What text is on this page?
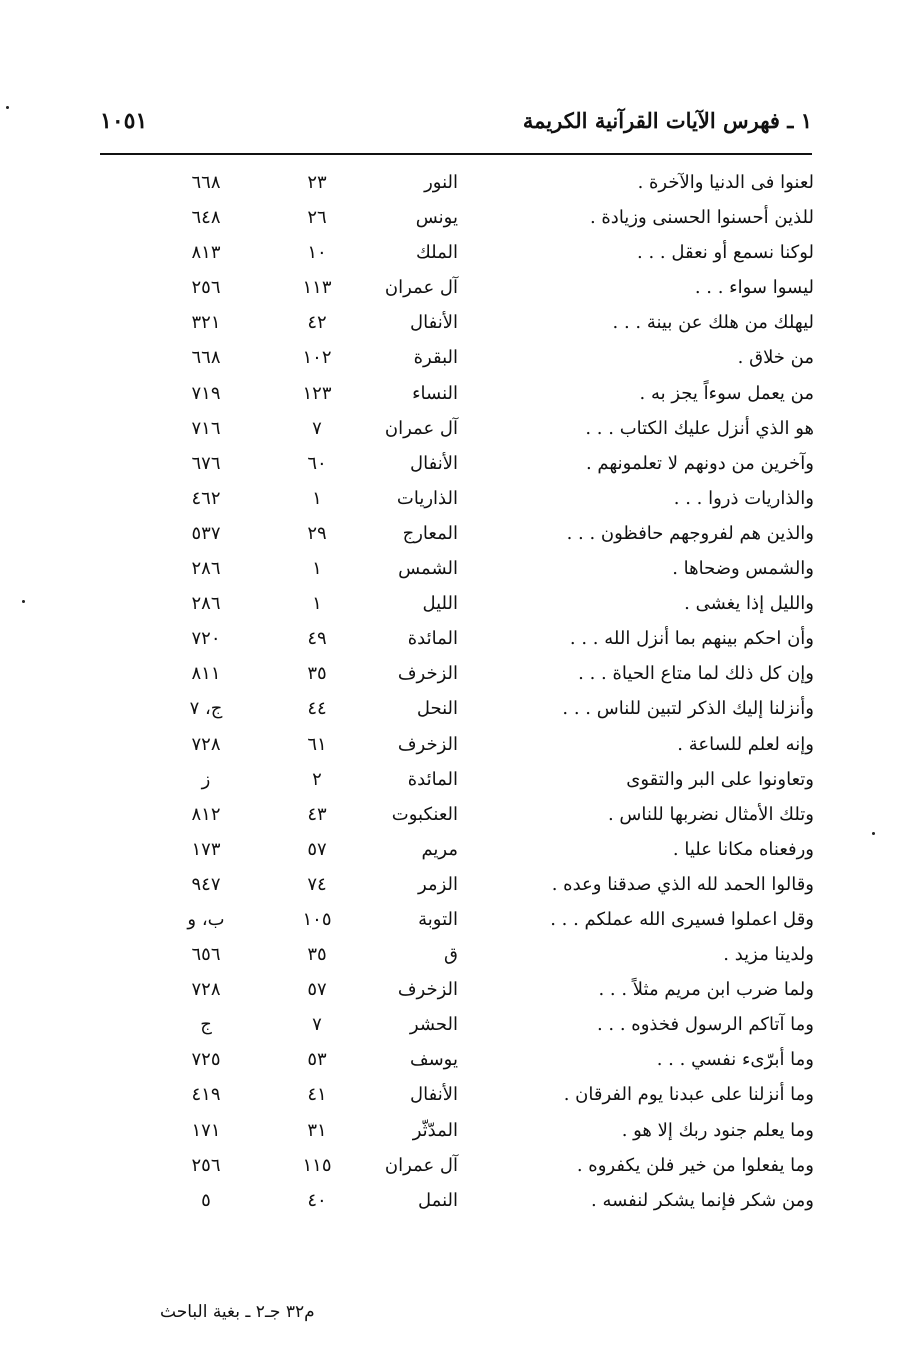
١ ـ فهرس الآيات القرآنية الكريمة
١٠٥١
لعنوا فى الدنيا والآخرة .
النور
٢٣
٦٦٨
للذين أحسنوا الحسنى وزيادة .
يونس
٢٦
٦٤٨
لوكنا نسمع أو نعقل . . .
الملك
١٠
٨١٣
ليسوا سواء . . .
آل عمران
١١٣
٢٥٦
ليهلك من هلك عن بينة . . .
الأنفال
٤٢
٣٢١
من خلاق .
البقرة
١٠٢
٦٦٨
من يعمل سوءاً يجز به .
النساء
١٢٣
٧١٩
هو الذي أنزل عليك الكتاب . . .
آل عمران
٧
٧١٦
وآخرين من دونهم لا تعلمونهم .
الأنفال
٦٠
٦٧٦
والذاريات ذروا . . .
الذاريات
١
٤٦٢
والذين هم لفروجهم حافظون . . .
المعارج
٢٩
٥٣٧
والشمس وضحاها .
الشمس
١
٢٨٦
والليل إذا يغشى .
الليل
١
٢٨٦
وأن احكم بينهم بما أنزل الله . . .
المائدة
٤٩
٧٢٠
وإن كل ذلك لما متاع الحياة . . .
الزخرف
٣٥
٨١١
وأنزلنا إليك الذكر لتبين للناس . . .
النحل
٤٤
ج، ٧
وإنه لعلم للساعة .
الزخرف
٦١
٧٢٨
وتعاونوا على البر والتقوى
المائدة
٢
ز
وتلك الأمثال نضربها للناس .
العنكبوت
٤٣
٨١٢
ورفعناه مكانا عليا .
مريم
٥٧
١٧٣
وقالوا الحمد لله الذي صدقنا وعده .
الزمر
٧٤
٩٤٧
وقل اعملوا فسيرى الله عملكم . . .
التوبة
١٠٥
ب، و
ولدينا مزيد .
ق
٣٥
٦٥٦
ولما ضرب ابن مريم مثلاً . . .
الزخرف
٥٧
٧٢٨
وما آتاكم الرسول فخذوه . . .
الحشر
٧
ج
وما أبرّىء نفسي . . .
يوسف
٥٣
٧٢٥
وما أنزلنا على عبدنا يوم الفرقان .
الأنفال
٤١
٤١٩
وما يعلم جنود ربك إلا هو .
المدّثّر
٣١
١٧١
وما يفعلوا من خير فلن يكفروه .
آل عمران
١١٥
٢٥٦
ومن شكر فإنما يشكر لنفسه .
النمل
٤٠
٥
م٣٢ جـ٢ ـ بغية الباحث
